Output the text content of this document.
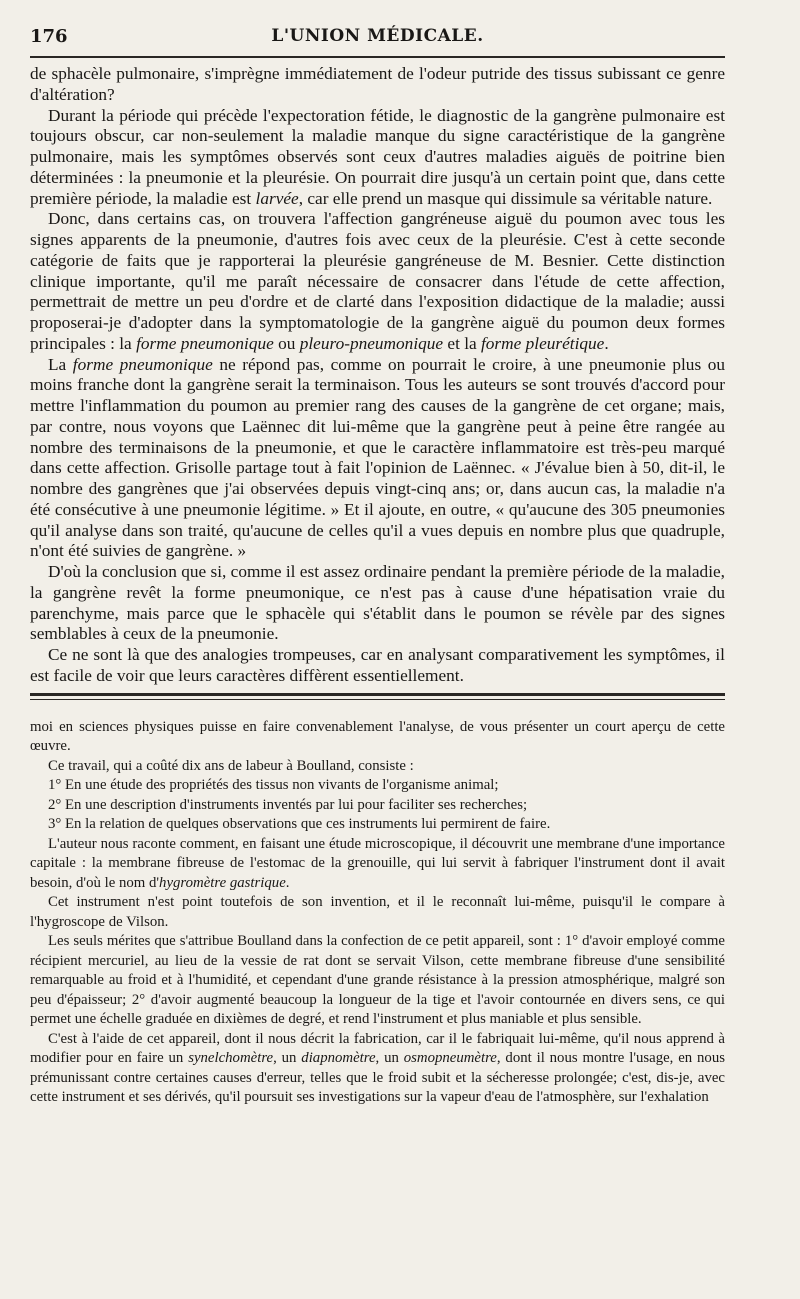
176	L'UNION MÉDICALE.

de sphacèle pulmonaire, s'imprègne immédiatement de l'odeur putride des tissus subissant ce genre d'altération?

Durant la période qui précède l'expectoration fétide, le diagnostic de la gangrène pulmonaire est toujours obscur, car non-seulement la maladie manque du signe caractéristique de la gangrène pulmonaire, mais les symptômes observés sont ceux d'autres maladies aiguës de poitrine bien déterminées : la pneumonie et la pleurésie. On pourrait dire jusqu'à un certain point que, dans cette première période, la maladie est larvée, car elle prend un masque qui dissimule sa véritable nature.

Donc, dans certains cas, on trouvera l'affection gangréneuse aiguë du poumon avec tous les signes apparents de la pneumonie, d'autres fois avec ceux de la pleurésie. C'est à cette seconde catégorie de faits que je rapporterai la pleurésie gangréneuse de M. Besnier. Cette distinction clinique importante, qu'il me paraît nécessaire de consacrer dans l'étude de cette affection, permettrait de mettre un peu d'ordre et de clarté dans l'exposition didactique de la maladie; aussi proposerai-je d'adopter dans la symptomatologie de la gangrène aiguë du poumon deux formes principales : la forme pneumonique ou pleuro-pneumonique et la forme pleurétique.

La forme pneumonique ne répond pas, comme on pourrait le croire, à une pneumonie plus ou moins franche dont la gangrène serait la terminaison. Tous les auteurs se sont trouvés d'accord pour mettre l'inflammation du poumon au premier rang des causes de la gangrène de cet organe; mais, par contre, nous voyons que Laënnec dit lui-même que la gangrène peut à peine être rangée au nombre des terminaisons de la pneumonie, et que le caractère inflammatoire est très-peu marqué dans cette affection. Grisolle partage tout à fait l'opinion de Laënnec. « J'évalue bien à 50, dit-il, le nombre des gangrènes que j'ai observées depuis vingt-cinq ans; or, dans aucun cas, la maladie n'a été consécutive à une pneumonie légitime. » Et il ajoute, en outre, « qu'aucune des 305 pneumonies qu'il analyse dans son traité, qu'aucune de celles qu'il a vues depuis en nombre plus que quadruple, n'ont été suivies de gangrène. »

D'où la conclusion que si, comme il est assez ordinaire pendant la première période de la maladie, la gangrène revêt la forme pneumonique, ce n'est pas à cause d'une hépatisation vraie du parenchyme, mais parce que le sphacèle qui s'établit dans le poumon se révèle par des signes semblables à ceux de la pneumonie.

Ce ne sont là que des analogies trompeuses, car en analysant comparativement les symptômes, il est facile de voir que leurs caractères diffèrent essentiellement.

moi en sciences physiques puisse en faire convenablement l'analyse, de vous présenter un court aperçu de cette œuvre.

Ce travail, qui a coûté dix ans de labeur à Boulland, consiste :

1° En une étude des propriétés des tissus non vivants de l'organisme animal;

2° En une description d'instruments inventés par lui pour faciliter ses recherches;

3° En la relation de quelques observations que ces instruments lui permirent de faire.

L'auteur nous raconte comment, en faisant une étude microscopique, il découvrit une membrane d'une importance capitale : la membrane fibreuse de l'estomac de la grenouille, qui lui servit à fabriquer l'instrument dont il avait besoin, d'où le nom d'hygromètre gastrique.

Cet instrument n'est point toutefois de son invention, et il le reconnaît lui-même, puisqu'il le compare à l'hygroscope de Vilson.

Les seuls mérites que s'attribue Boulland dans la confection de ce petit appareil, sont : 1° d'avoir employé comme récipient mercuriel, au lieu de la vessie de rat dont se servait Vilson, cette membrane fibreuse d'une sensibilité remarquable au froid et à l'humidité, et cependant d'une grande résistance à la pression atmosphérique, malgré son peu d'épaisseur; 2° d'avoir augmenté beaucoup la longueur de la tige et l'avoir contournée en divers sens, ce qui permet une échelle graduée en dixièmes de degré, et rend l'instrument et plus maniable et plus sensible.

C'est à l'aide de cet appareil, dont il nous décrit la fabrication, car il le fabriquait lui-même, qu'il nous apprend à modifier pour en faire un synelchomètre, un diapnomètre, un osmopneumètre, dont il nous montre l'usage, en nous prémunissant contre certaines causes d'erreur, telles que le froid subit et la sécheresse prolongée; c'est, dis-je, avec cette instrument et ses dérivés, qu'il poursuit ses investigations sur la vapeur d'eau de l'atmosphère, sur l'exhalation
